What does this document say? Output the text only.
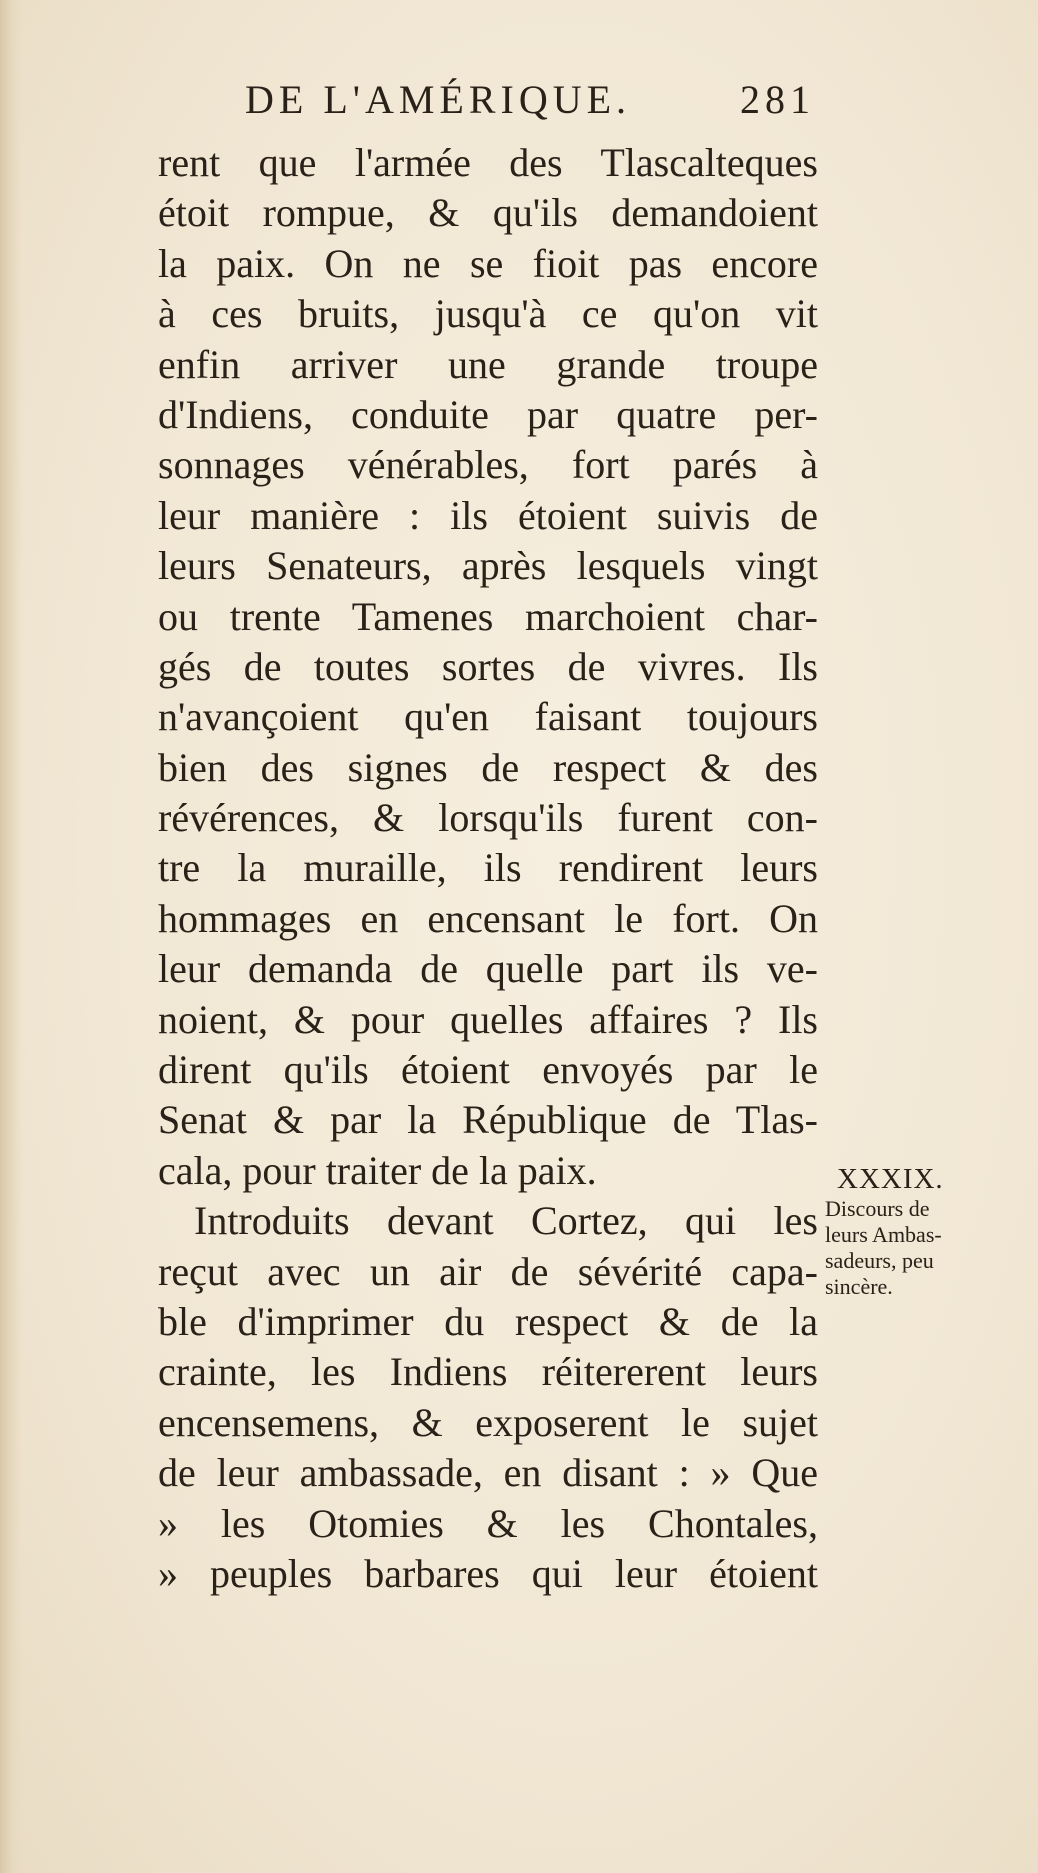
DE L'AMÉRIQUE.	281
rent que l'armée des Tlascalteques
étoit rompue, & qu'ils demandoient
la paix. On ne se fioit pas encore
à ces bruits, jusqu'à ce qu'on vit
enfin arriver une grande troupe
d'Indiens, conduite par quatre per-
sonnages vénérables, fort parés à
leur manière : ils étoient suivis de
leurs Senateurs, après lesquels vingt
ou trente Tamenes marchoient char-
gés de toutes sortes de vivres. Ils
n'avançoient qu'en faisant toujours
bien des signes de respect & des
révérences, & lorsqu'ils furent con-
tre la muraille, ils rendirent leurs
hommages en encensant le fort. On
leur demanda de quelle part ils ve-
noient, & pour quelles affaires ? Ils
dirent qu'ils étoient envoyés par le
Senat & par la République de Tlas-
cala, pour traiter de la paix.
Introduits devant Cortez, qui les
reçut avec un air de sévérité capa-
ble d'imprimer du respect & de la
crainte, les Indiens réitererent leurs
encensemens, & exposerent le sujet
de leur ambassade, en disant : » Que
» les Otomies & les Chontales,
» peuples barbares qui leur étoient
XXXIX.
Discours de
leurs Ambas-
sadeurs, peu
sincère.
